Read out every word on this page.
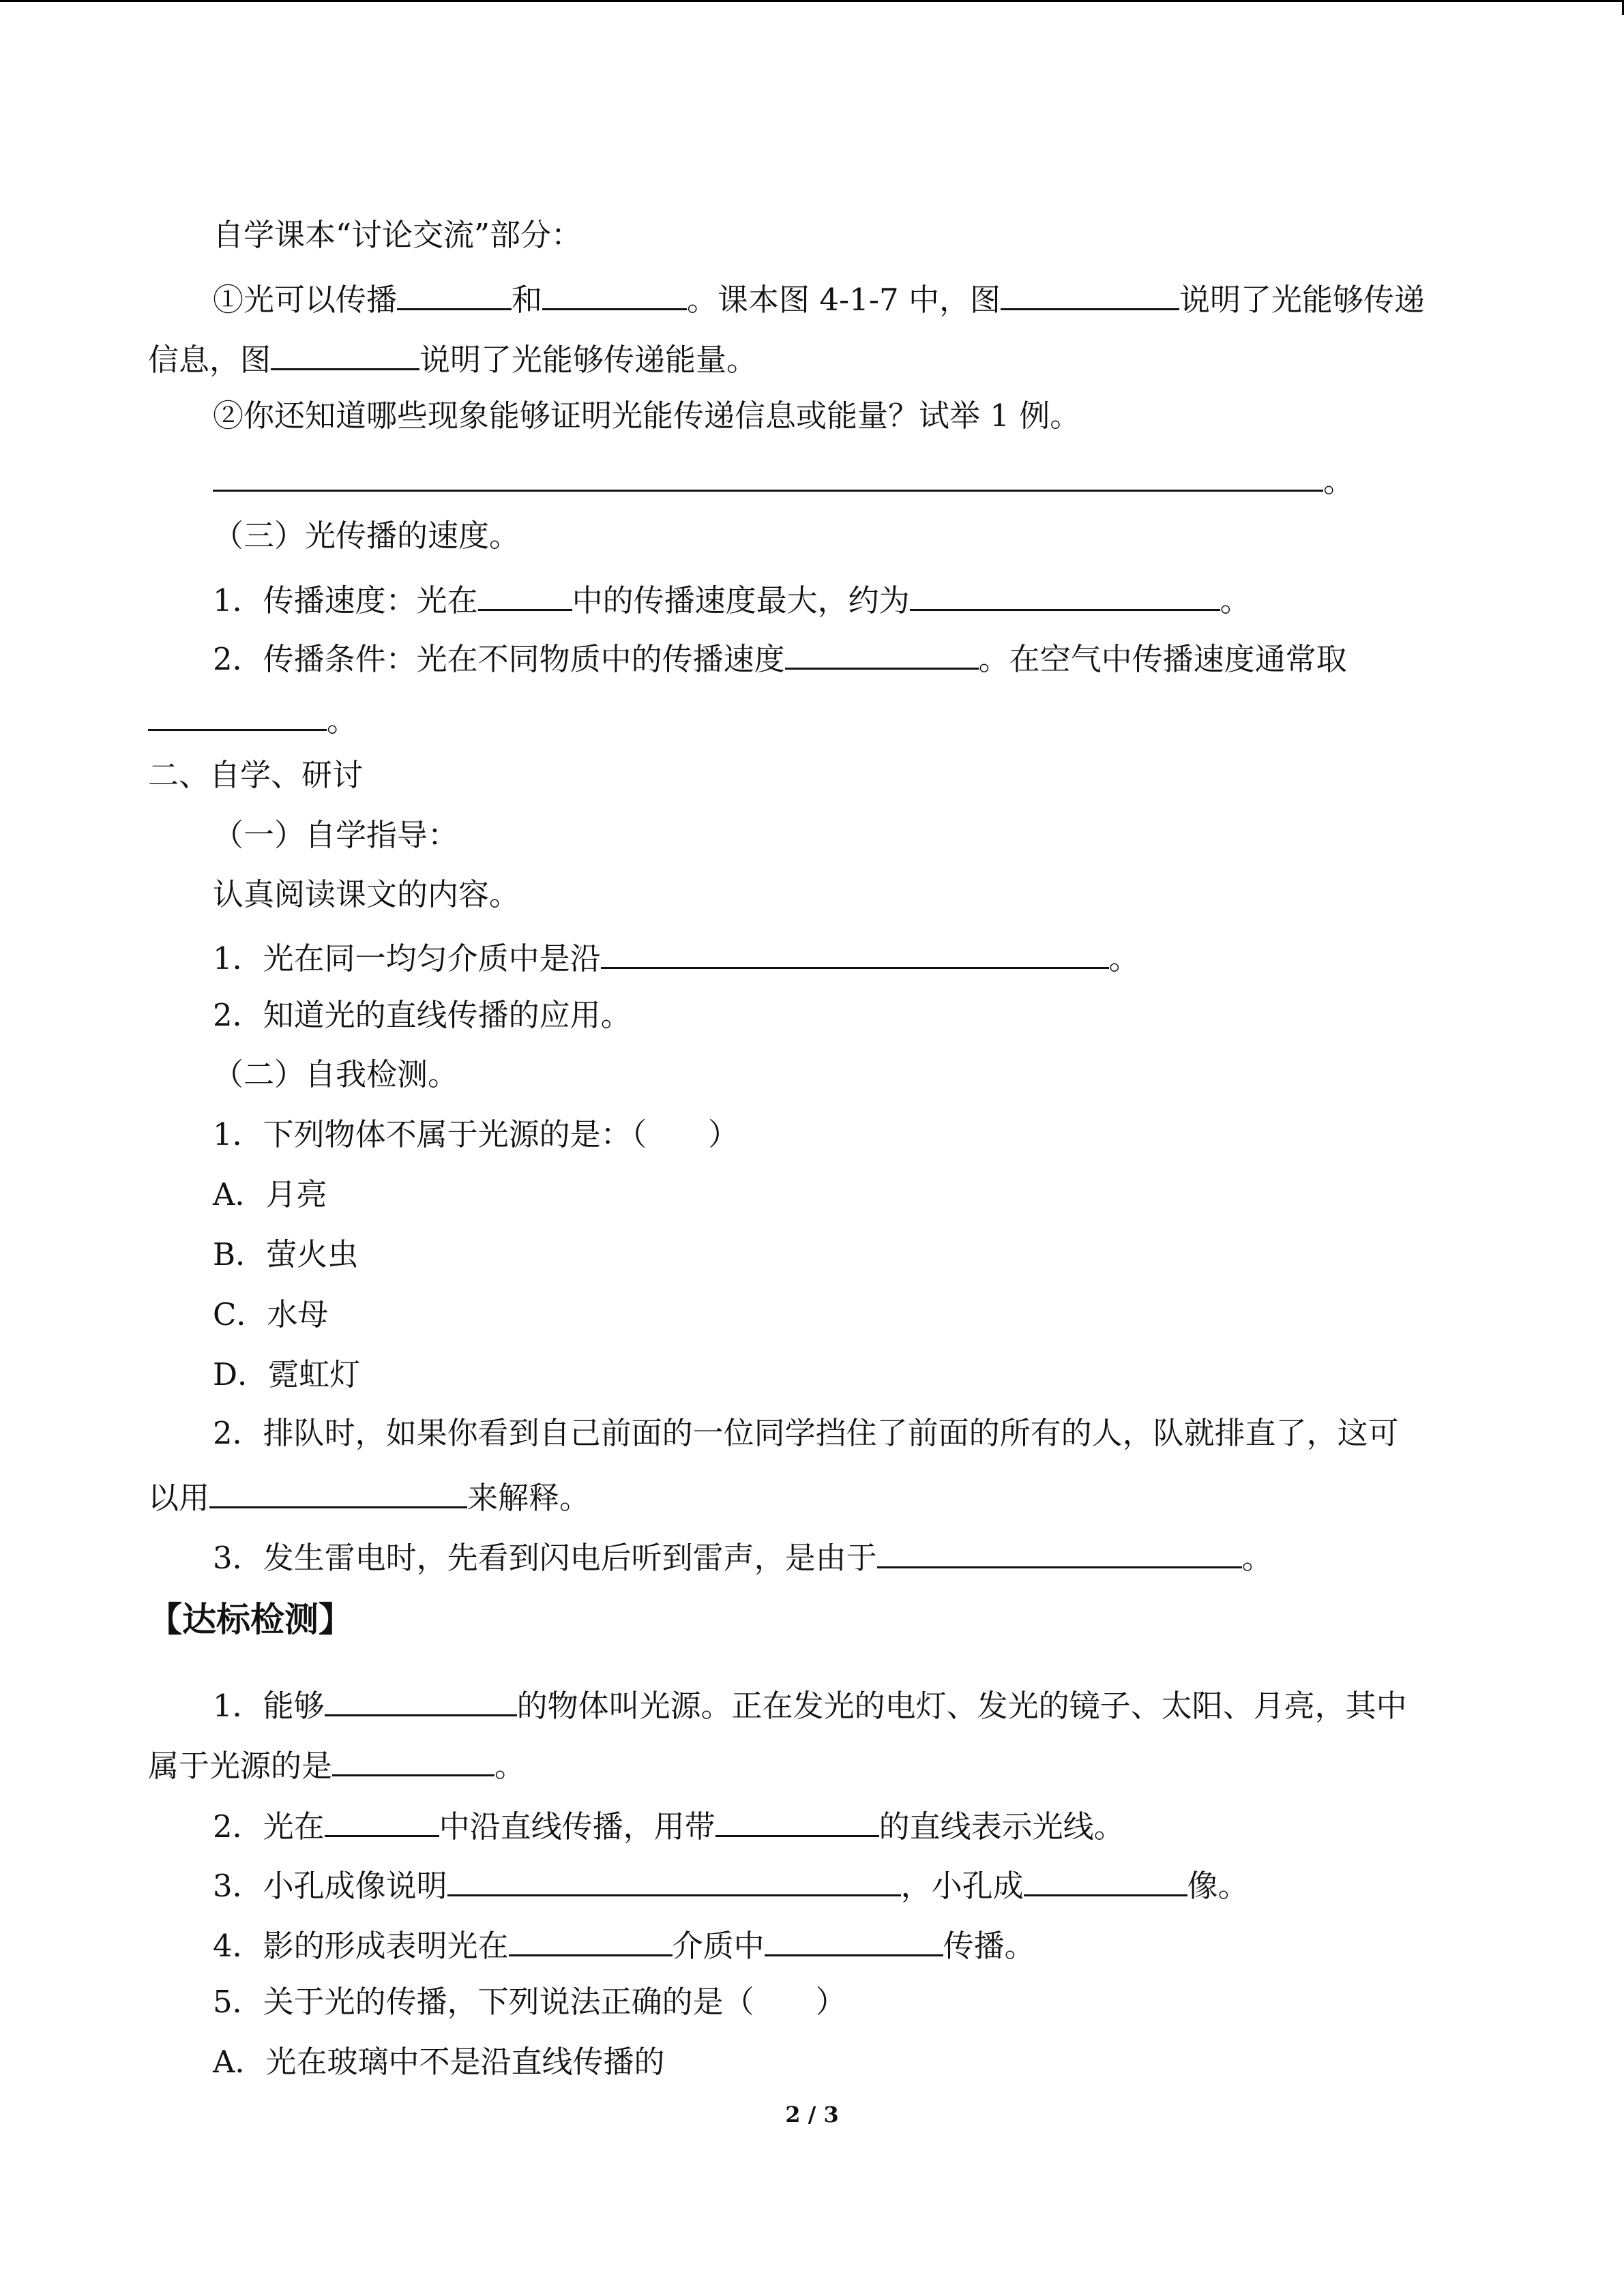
自学课本“讨论交流”部分：
①光可以传播	和	。课本图 4-1-7 中，图	说明了光能够传递
信息，图	说明了光能够传递能量。
②你还知道哪些现象能够证明光能传递信息或能量？试举 1 例。
。
（三）光传播的速度。
1．传播速度：光在	中的传播速度最大，约为	。
2．传播条件：光在不同物质中的传播速度	。在空气中传播速度通常取
。
二、自学、研讨
（一）自学指导：
认真阅读课文的内容。
1．光在同一均匀介质中是沿	。
2．知道光的直线传播的应用。
（二）自我检测。
1．下列物体不属于光源的是：（　　）
A．月亮
B．萤火虫
C．水母
D．霓虹灯
2．排队时，如果你看到自己前面的一位同学挡住了前面的所有的人，队就排直了，这可
以用	来解释。
3．发生雷电时，先看到闪电后听到雷声，是由于	。
【达标检测】
1．能够	的物体叫光源。正在发光的电灯、发光的镜子、太阳、月亮，其中
属于光源的是	。
2．光在	中沿直线传播，用带	的直线表示光线。
3．小孔成像说明	，小孔成	像。
4．影的形成表明光在	介质中	传播。
5．关于光的传播，下列说法正确的是（　　）
A．光在玻璃中不是沿直线传播的
2 / 3
